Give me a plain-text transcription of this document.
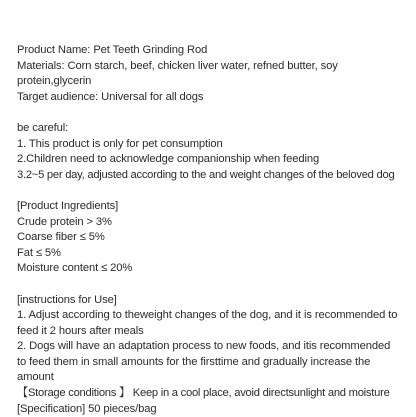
Product Name: Pet Teeth Grinding Rod
Materials: Corn starch, beef, chicken liver water, refned butter, soy protein,glycerin
Target audience: Universal for all dogs
be careful:
1. This product is only for pet consumption
2.Children need to acknowledge companionship when feeding
3.2~5 per day, adjusted according to the and weight changes of the beloved dog
[Product Ingredients]
Crude protein > 3%
Coarse fiber ≤ 5%
Fat ≤ 5%
Moisture content ≤ 20%
[instructions for Use]
1. Adjust according to theweight changes of the dog, and it is recommended to feed it 2 hours after meals
2. Dogs will have an adaptation process to new foods, and itis recommended to feed them in small amounts for the firsttime and gradually increase the amount
【Storage conditions 】 Keep in a cool place, avoid directsunlight and moisture
[Specification] 50 pieces/bag
